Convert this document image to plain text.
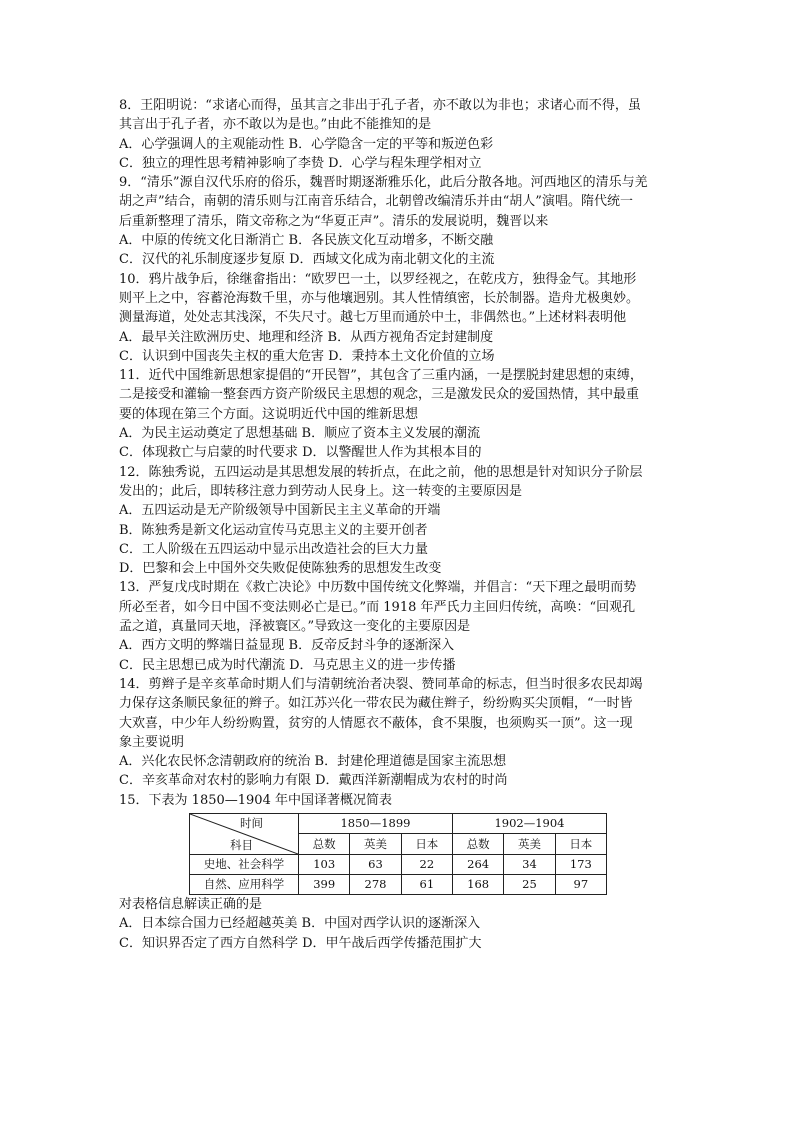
8．王阳明说：“求诸心而得，虽其言之非出于孔子者，亦不敢以为非也；求诸心而不得，虽
其言出于孔子者，亦不敢以为是也。”由此不能推知的是
A．心学强调人的主观能动性 B．心学隐含一定的平等和叛逆色彩
C．独立的理性思考精神影响了李贽 D．心学与程朱理学相对立
9．“清乐”源自汉代乐府的俗乐，魏晋时期逐渐雅乐化，此后分散各地。河西地区的清乐与羌
胡之声”结合，南朝的清乐则与江南音乐结合，北朝曾改编清乐并由“胡人”演唱。隋代统一
后重新整理了清乐，隋文帝称之为“华夏正声”。清乐的发展说明，魏晋以来
A．中原的传统文化日渐消亡 B．各民族文化互动增多，不断交融
C．汉代的礼乐制度逐步复原 D．西域文化成为南北朝文化的主流
10．鸦片战争后，徐继畲指出：“欧罗巴一土，以罗经视之，在乾戌方，独得金气。其地形
则平上之中，容蓄沧海数千里，亦与他壤迥别。其人性情缜密，长於制器。造舟尤极奥妙。
测量海道，处处志其浅深，不失尺寸。越七万里而通於中土，非偶然也。”上述材料表明他
A．最早关注欧洲历史、地理和经济 B．从西方视角否定封建制度
C．认识到中国丧失主权的重大危害 D．秉持本土文化价值的立场
11．近代中国维新思想家提倡的“开民智”，其包含了三重内涵，一是摆脱封建思想的束缚，
二是接受和灌输一整套西方资产阶级民主思想的观念，三是激发民众的爱国热情，其中最重
要的体现在第三个方面。这说明近代中国的维新思想
A．为民主运动奠定了思想基础 B．顺应了资本主义发展的潮流
C．体现救亡与启蒙的时代要求 D．以警醒世人作为其根本目的
12．陈独秀说，五四运动是其思想发展的转折点，在此之前，他的思想是针对知识分子阶层
发出的；此后，即转移注意力到劳动人民身上。这一转变的主要原因是
A．五四运动是无产阶级领导中国新民主主义革命的开端
B．陈独秀是新文化运动宣传马克思主义的主要开创者
C．工人阶级在五四运动中显示出改造社会的巨大力量
D．巴黎和会上中国外交失败促使陈独秀的思想发生改变
13．严复戊戌时期在《救亡决论》中历数中国传统文化弊端，并倡言：“天下理之最明而势
所必至者，如今日中国不变法则必亡是已。”而 1918 年严氏力主回归传统，高唤：“回观孔
孟之道，真量同天地，泽被寰区。”导致这一变化的主要原因是
A．西方文明的弊端日益显现 B．反帝反封斗争的逐渐深入
C．民主思想已成为时代潮流 D．马克思主义的进一步传播
14．剪辫子是辛亥革命时期人们与清朝统治者决裂、赞同革命的标志，但当时很多农民却竭
力保存这条顺民象征的辫子。如江苏兴化一带农民为藏住辫子，纷纷购买尖顶帽，“一时皆
大欢喜，中少年人纷纷购置，贫穷的人情愿衣不蔽体，食不果腹，也须购买一顶”。这一现
象主要说明
A．兴化农民怀念清朝政府的统治 B．封建伦理道德是国家主流思想
C．辛亥革命对农村的影响力有限 D．戴西洋新潮帽成为农村的时尚
15．下表为 1850—1904 年中国译著概况简表
时间
科目	1850—1899			1902—1904		
	总数	英美	日本	总数	英美	日本
史地、社会科学	103	63	22	264	34	173
自然、应用科学	399	278	61	168	25	97
对表格信息解读正确的是
A．日本综合国力已经超越英美 B．中国对西学认识的逐渐深入
C．知识界否定了西方自然科学 D．甲午战后西学传播范围扩大
